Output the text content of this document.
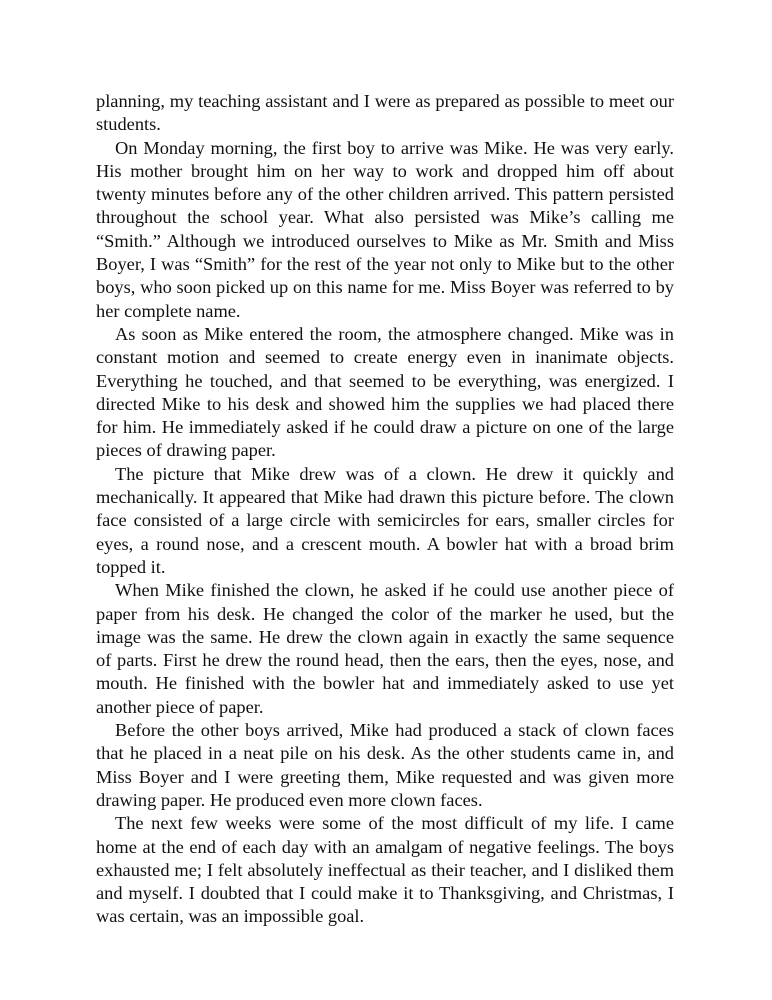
planning, my teaching assistant and I were as prepared as possible to meet our students.

On Monday morning, the first boy to arrive was Mike. He was very early. His mother brought him on her way to work and dropped him off about twenty minutes before any of the other children arrived. This pattern persisted throughout the school year. What also persisted was Mike’s calling me “Smith.” Although we introduced ourselves to Mike as Mr. Smith and Miss Boyer, I was “Smith” for the rest of the year not only to Mike but to the other boys, who soon picked up on this name for me. Miss Boyer was referred to by her complete name.

As soon as Mike entered the room, the atmosphere changed. Mike was in constant motion and seemed to create energy even in inanimate objects. Everything he touched, and that seemed to be everything, was energized. I directed Mike to his desk and showed him the supplies we had placed there for him. He immediately asked if he could draw a picture on one of the large pieces of drawing paper.

The picture that Mike drew was of a clown. He drew it quickly and mechanically. It appeared that Mike had drawn this picture before. The clown face consisted of a large circle with semicircles for ears, smaller circles for eyes, a round nose, and a crescent mouth. A bowler hat with a broad brim topped it.

When Mike finished the clown, he asked if he could use another piece of paper from his desk. He changed the color of the marker he used, but the image was the same. He drew the clown again in exactly the same sequence of parts. First he drew the round head, then the ears, then the eyes, nose, and mouth. He finished with the bowler hat and immediately asked to use yet another piece of paper.

Before the other boys arrived, Mike had produced a stack of clown faces that he placed in a neat pile on his desk. As the other students came in, and Miss Boyer and I were greeting them, Mike requested and was given more drawing paper. He produced even more clown faces.

The next few weeks were some of the most difficult of my life. I came home at the end of each day with an amalgam of negative feelings. The boys exhausted me; I felt absolutely ineffectual as their teacher, and I disliked them and myself. I doubted that I could make it to Thanksgiving, and Christmas, I was certain, was an impossible goal.
